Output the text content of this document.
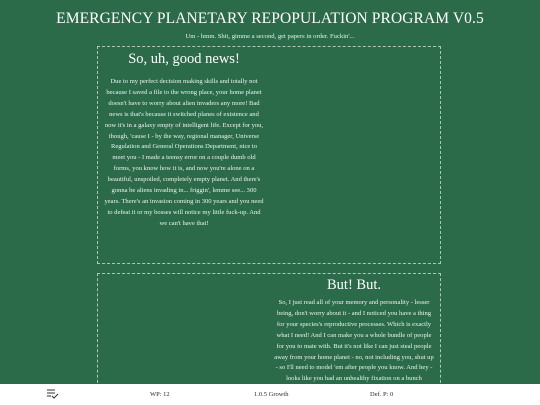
EMERGENCY PLANETARY REPOPULATION PROGRAM V0.5
Um - hmm. Shit, gimme a second, get papers in order. Fuckin'...
So, uh, good news!
Due to my perfect decision making skills and totally not because I saved a file to the wrong place, your home planet doesn't have to worry about alien invaders any more! Bad news is that's because it switched planes of existence and now it's in a galaxy empty of intelligent life. Except for you, though, 'cause I - by the way, regional manager, Universe Regulation and General Operations Department, nice to meet you - I made a teensy error on a couple dumb old forms, you know how it is, and now you're alone on a beautiful, unspoiled, completely empty planet. And there's gonna be aliens invading in... friggin', lemme see... 300 years. There's an invasion coming in 300 years and you need to defeat it or my bosses will notice my little fuck-up. And we can't have that!
But! But.
So, I just read all of your memory and personality - lesser being, don't worry about it - and I noticed you have a thing for your species's reproductive processes. Which is exactly what I need! And I can make you a whole bundle of people for you to mate with. But it's not like I can just steal people away from your home planet - no, not including you, shut up - so I'll need to model 'em after people you know. And hey - looks like you had an unhealthy fixation on a bunch
WP: 12	1.0.5 Growth	Def. P: 0
